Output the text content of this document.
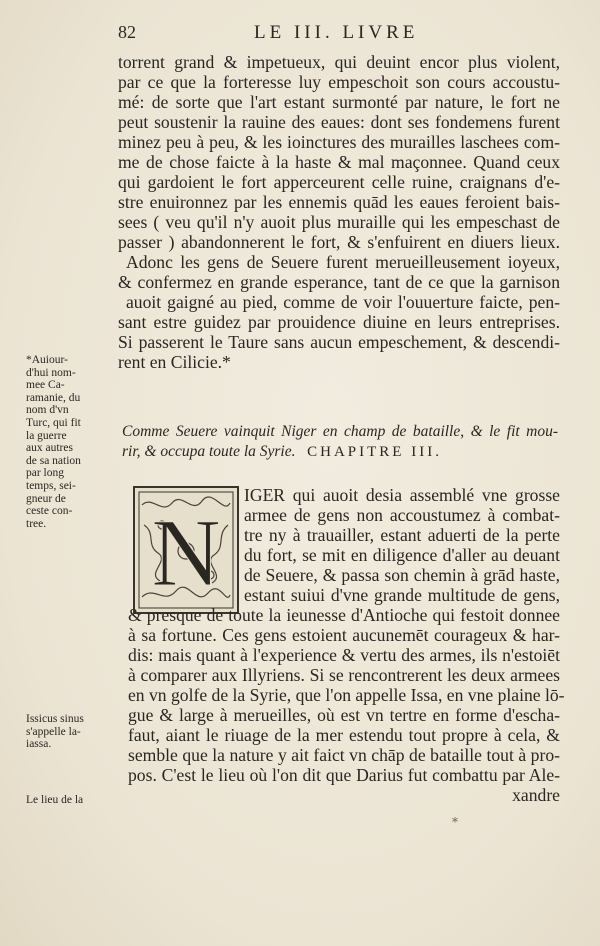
82	LE III. LIVRE
torrent grand & impetueux, qui deuint encor plus violent,
par ce que la forteresse luy empeschoit son cours accoustu-
mé: de sorte que l'art estant surmonté par nature, le fort ne
peut soustenir la rauine des eaues: dont ses fondemens furent
minez peu à peu, & les ioinctures des murailles laschees com-
me de chose faicte à la haste & mal maçonnee. Quand ceux
qui gardoient le fort apperceurent celle ruine, craignans d'e-
stre enuironnez par les ennemis quād les eaues feroient bais-
sees ( veu qu'il n'y auoit plus muraille qui les empeschast de
passer ) abandonnerent le fort, & s'enfuirent en diuers lieux.
Adonc les gens de Seuere furent merueilleusement ioyeux,
& confermez en grande esperance, tant de ce que la garnison
auoit gaigné au pied, comme de voir l'ouuerture faicte, pen-
sant estre guidez par prouidence diuine en leurs entreprises.
Si passerent le Taure sans aucun empeschement, & descendi-
rent en Cilicie.*
*Auiour-
d'hui nom-
mee Ca-
ramanie, du
nom d'vn
Turc, qui fit
la guerre
aux autres
de sa nation
par long
temps, sei-
gneur de
ceste con-
tree.
Comme Seuere vainquit Niger en champ de bataille, & le fit mou-
rir, & occupa toute la Syrie. CHAPITRE III.
N
IGER qui auoit desia assemblé vne grosse
armee de gens non accoustumez à combat-
tre ny à trauailler, estant aduerti de la perte
du fort, se mit en diligence d'aller au deuant
de Seuere, & passa son chemin à grād haste,
estant suiui d'vne grande multitude de gens,
& presque de toute la ieunesse d'Antioche qui festoit donnee
à sa fortune. Ces gens estoient aucunemēt courageux & har-
dis: mais quant à l'experience & vertu des armes, ils n'estoiēt
à comparer aux Illyriens. Si se rencontrerent les deux armees
en vn golfe de la Syrie, que l'on appelle Issa, en vne plaine lō-
gue & large à merueilles, où est vn tertre en forme d'escha-
faut, aiant le riuage de la mer estendu tout propre à cela, &
semble que la nature y ait faict vn chāp de bataille tout à pro-
pos. C'est le lieu où l'on dit que Darius fut combattu par Ale-
xandre
Issicus sinus
s'appelle la-
iassa.
Le lieu de la
*
